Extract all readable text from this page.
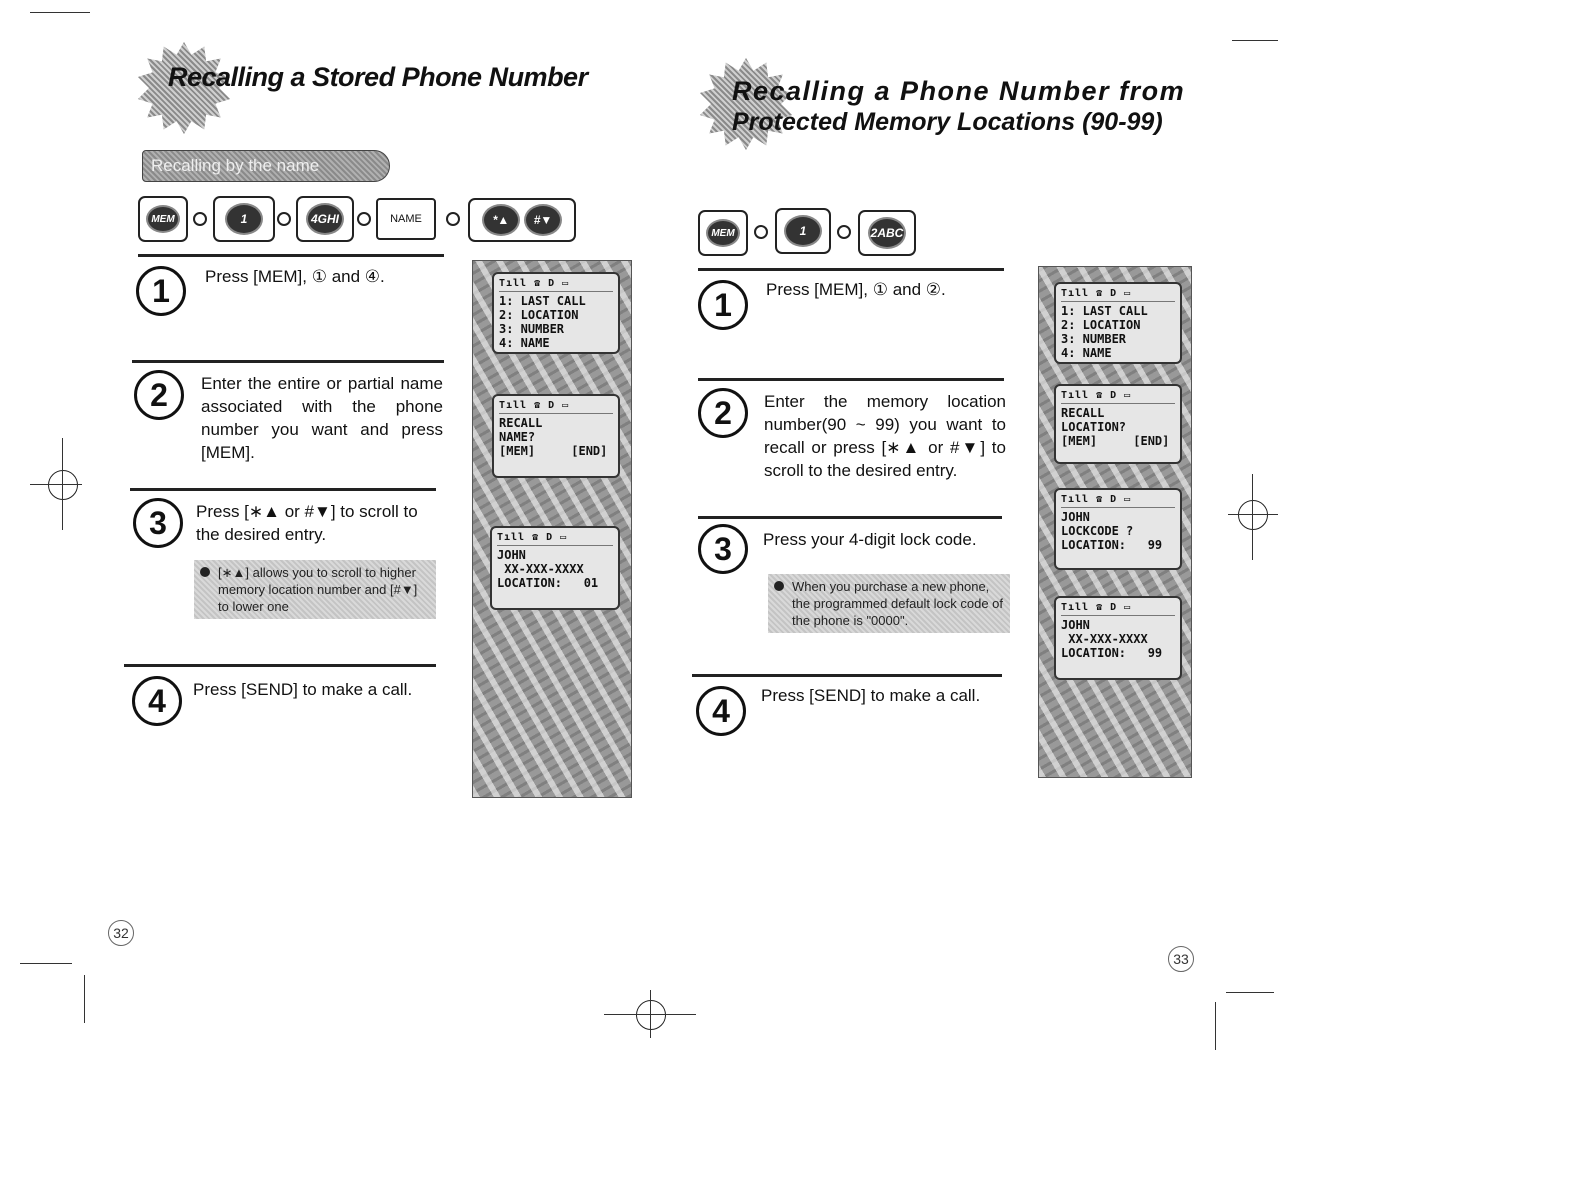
Recalling a Stored Phone Number
Recalling by the name
MEM	1	4GHI	NAME	*▲	#▼
1	Press [MEM], ① and ④.
2	Enter the entire or partial name associated with the phone number you want and press [MEM].
3	Press [∗▲ or #▼] to scroll to the desired entry.
[∗▲] allows you to scroll to higher memory location number and [#▼] to lower one
4	Press [SEND] to make a call.
Tıll ☎ D ▭
1: LAST CALL
2: LOCATION
3: NUMBER
4: NAME
Tıll ☎ D ▭
RECALL
NAME?
[MEM]     [END]
Tıll ☎ D ▭
JOHN
XX-XXX-XXXX
LOCATION:   01
32
Recalling a Phone Number from
Protected Memory Locations (90-99)
MEM	1	2ABC
1	Press [MEM], ① and ②.
2	Enter the memory location number(90 ~ 99) you want to recall or press [∗▲ or #▼] to scroll to the desired entry.
3	Press your 4-digit lock code.
When you purchase a new phone, the programmed default lock code of the phone is "0000".
4	Press [SEND] to make a call.
Tıll ☎ D ▭
1: LAST CALL
2: LOCATION
3: NUMBER
4: NAME
Tıll ☎ D ▭
RECALL
LOCATION?
[MEM]     [END]
Tıll ☎ D ▭
JOHN
LOCKCODE ?
LOCATION:   99
Tıll ☎ D ▭
JOHN
XX-XXX-XXXX
LOCATION:   99
33
